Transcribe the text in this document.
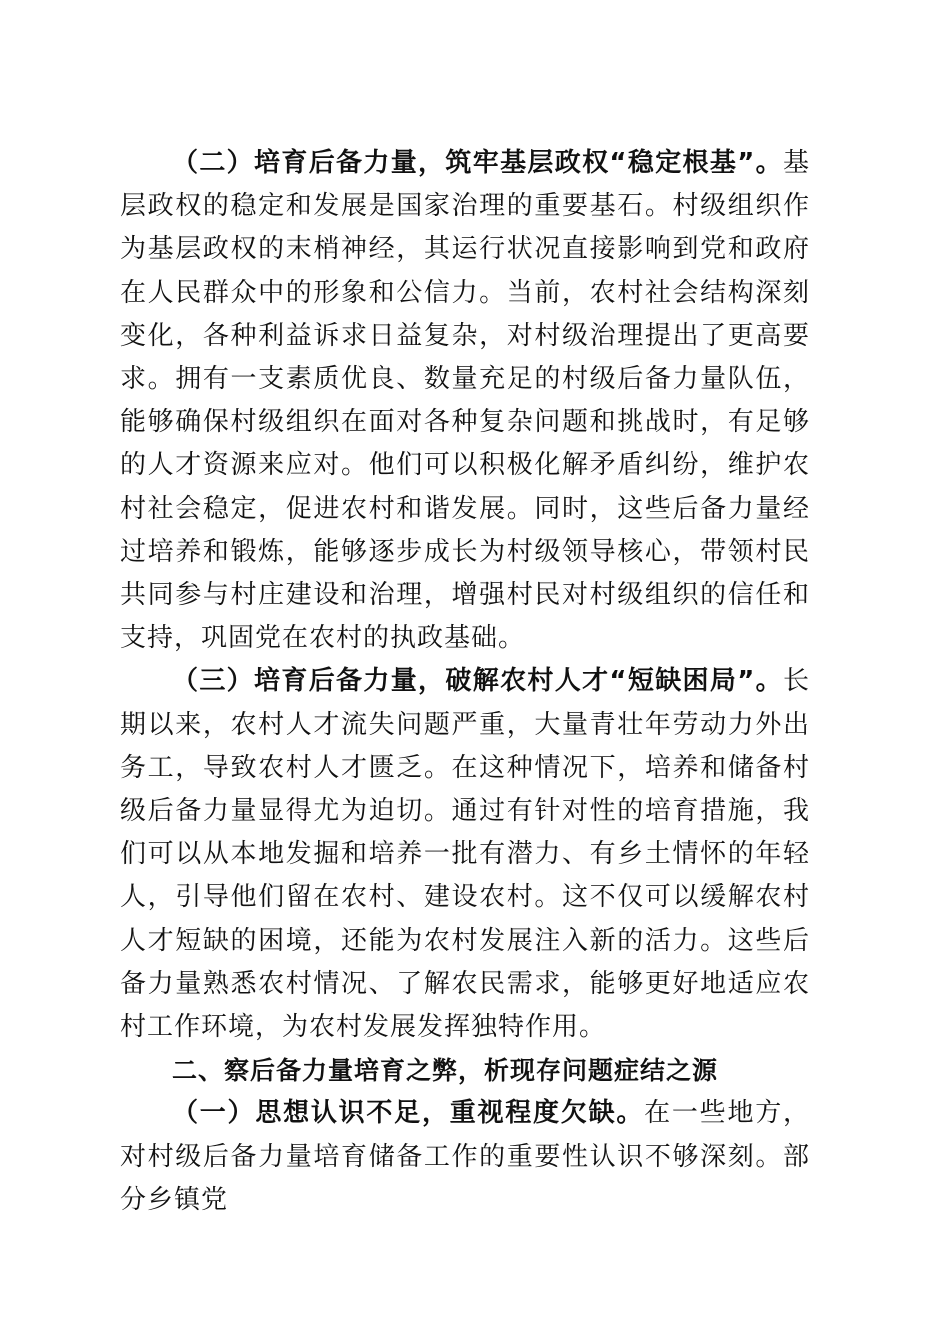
（二）培育后备力量，筑牢基层政权“稳定根基”。基层政权的稳定和发展是国家治理的重要基石。村级组织作为基层政权的末梢神经，其运行状况直接影响到党和政府在人民群众中的形象和公信力。当前，农村社会结构深刻变化，各种利益诉求日益复杂，对村级治理提出了更高要求。拥有一支素质优良、数量充足的村级后备力量队伍，能够确保村级组织在面对各种复杂问题和挑战时，有足够的人才资源来应对。他们可以积极化解矛盾纠纷，维护农村社会稳定，促进农村和谐发展。同时，这些后备力量经过培养和锻炼，能够逐步成长为村级领导核心，带领村民共同参与村庄建设和治理，增强村民对村级组织的信任和支持，巩固党在农村的执政基础。

（三）培育后备力量，破解农村人才“短缺困局”。长期以来，农村人才流失问题严重，大量青壮年劳动力外出务工，导致农村人才匮乏。在这种情况下，培养和储备村级后备力量显得尤为迫切。通过有针对性的培育措施，我们可以从本地发掘和培养一批有潜力、有乡土情怀的年轻人，引导他们留在农村、建设农村。这不仅可以缓解农村人才短缺的困境，还能为农村发展注入新的活力。这些后备力量熟悉农村情况、了解农民需求，能够更好地适应农村工作环境，为农村发展发挥独特作用。

二、察后备力量培育之弊，析现存问题症结之源

（一）思想认识不足，重视程度欠缺。在一些地方，对村级后备力量培育储备工作的重要性认识不够深刻。部分乡镇党
